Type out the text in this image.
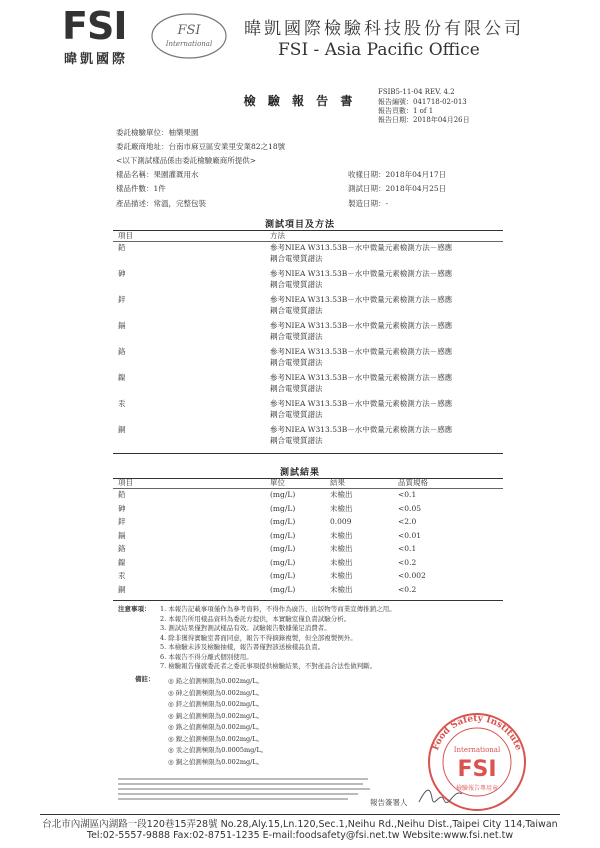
FSI
暐凱國際
FSI
International
暐凱國際檢驗科技股份有限公司
FSI - Asia Pacific Office
檢 驗 報 告 書
FSIB5-11-04 REV. 4.2
報告編號：041718-02-013
報告頁數：1 of 1
報告日期：2018年04月26日
委託檢驗單位：柚樂果園
委託廠商地址：台南市麻豆區安業里安業82之18號
<以下測試樣品係由委託檢驗廠商所提供>
樣品名稱：果園灌溉用水
樣品件數：1件
產品描述：常溫，完整包裝
收樣日期：2018年04月17日
測試日期：2018年04月25日
製造日期：-
測試項目及方法
項目	方法
鉛	參考NIEA W313.53B－水中微量元素檢測方法－感應
耦合電漿質譜法
砷	參考NIEA W313.53B－水中微量元素檢測方法－感應
耦合電漿質譜法
鋅	參考NIEA W313.53B－水中微量元素檢測方法－感應
耦合電漿質譜法
鎘	參考NIEA W313.53B－水中微量元素檢測方法－感應
耦合電漿質譜法
鉻	參考NIEA W313.53B－水中微量元素檢測方法－感應
耦合電漿質譜法
鎳	參考NIEA W313.53B－水中微量元素檢測方法－感應
耦合電漿質譜法
汞	參考NIEA W313.53B－水中微量元素檢測方法－感應
耦合電漿質譜法
銅	參考NIEA W313.53B－水中微量元素檢測方法－感應
耦合電漿質譜法
測試結果
項目	單位	結果	品質規格
鉛	(mg/L)	未檢出	<0.1
砷	(mg/L)	未檢出	<0.05
鋅	(mg/L)	0.009	<2.0
鎘	(mg/L)	未檢出	<0.01
鉻	(mg/L)	未檢出	<0.1
鎳	(mg/L)	未檢出	<0.2
汞	(mg/L)	未檢出	<0.002
銅	(mg/L)	未檢出	<0.2
注意事項： 1. 本報告記載事項僅作為參考資料，不得作為廣告、出版物等商業宣傳推銷之用。
2. 本報告所用樣品資料為委託方提供，本實驗室僅負責試驗分析。
3. 測試結果僅對測試樣品有效。試驗報告數據僅足消費者。
4. 除非獲得實驗室書面同意，報告不得摘錄複製，但全部複製例外。
5. 本檢驗未涉及檢驗抽樣，報告書僅對該送檢樣品負責。
6. 本報告不得分離式個別使用。
7. 檢驗報告僅就委託者之委託事項提供檢驗結果，不對產品合法性做判斷。
備註： ◎ 鉛之偵測極限為0.002mg/L。
◎ 砷之偵測極限為0.002mg/L。
◎ 鋅之偵測極限為0.002mg/L。
◎ 鎘之偵測極限為0.002mg/L。
◎ 鉻之偵測極限為0.002mg/L。
◎ 鎳之偵測極限為0.002mg/L。
◎ 汞之偵測極限為0.0005mg/L。
◎ 銅之偵測極限為0.002mg/L。
Food Safety Institute
International
FSI
檢驗報告專用章
報告簽署人
台北市內湖區內湖路一段120巷15弄28號 No.28,Aly.15,Ln.120,Sec.1,Neihu Rd.,Neihu Dist.,Taipei City 114,Taiwan
Tel:02-5557-9888 Fax:02-8751-1235 E-mail:foodsafety@fsi.net.tw Website:www.fsi.net.tw
